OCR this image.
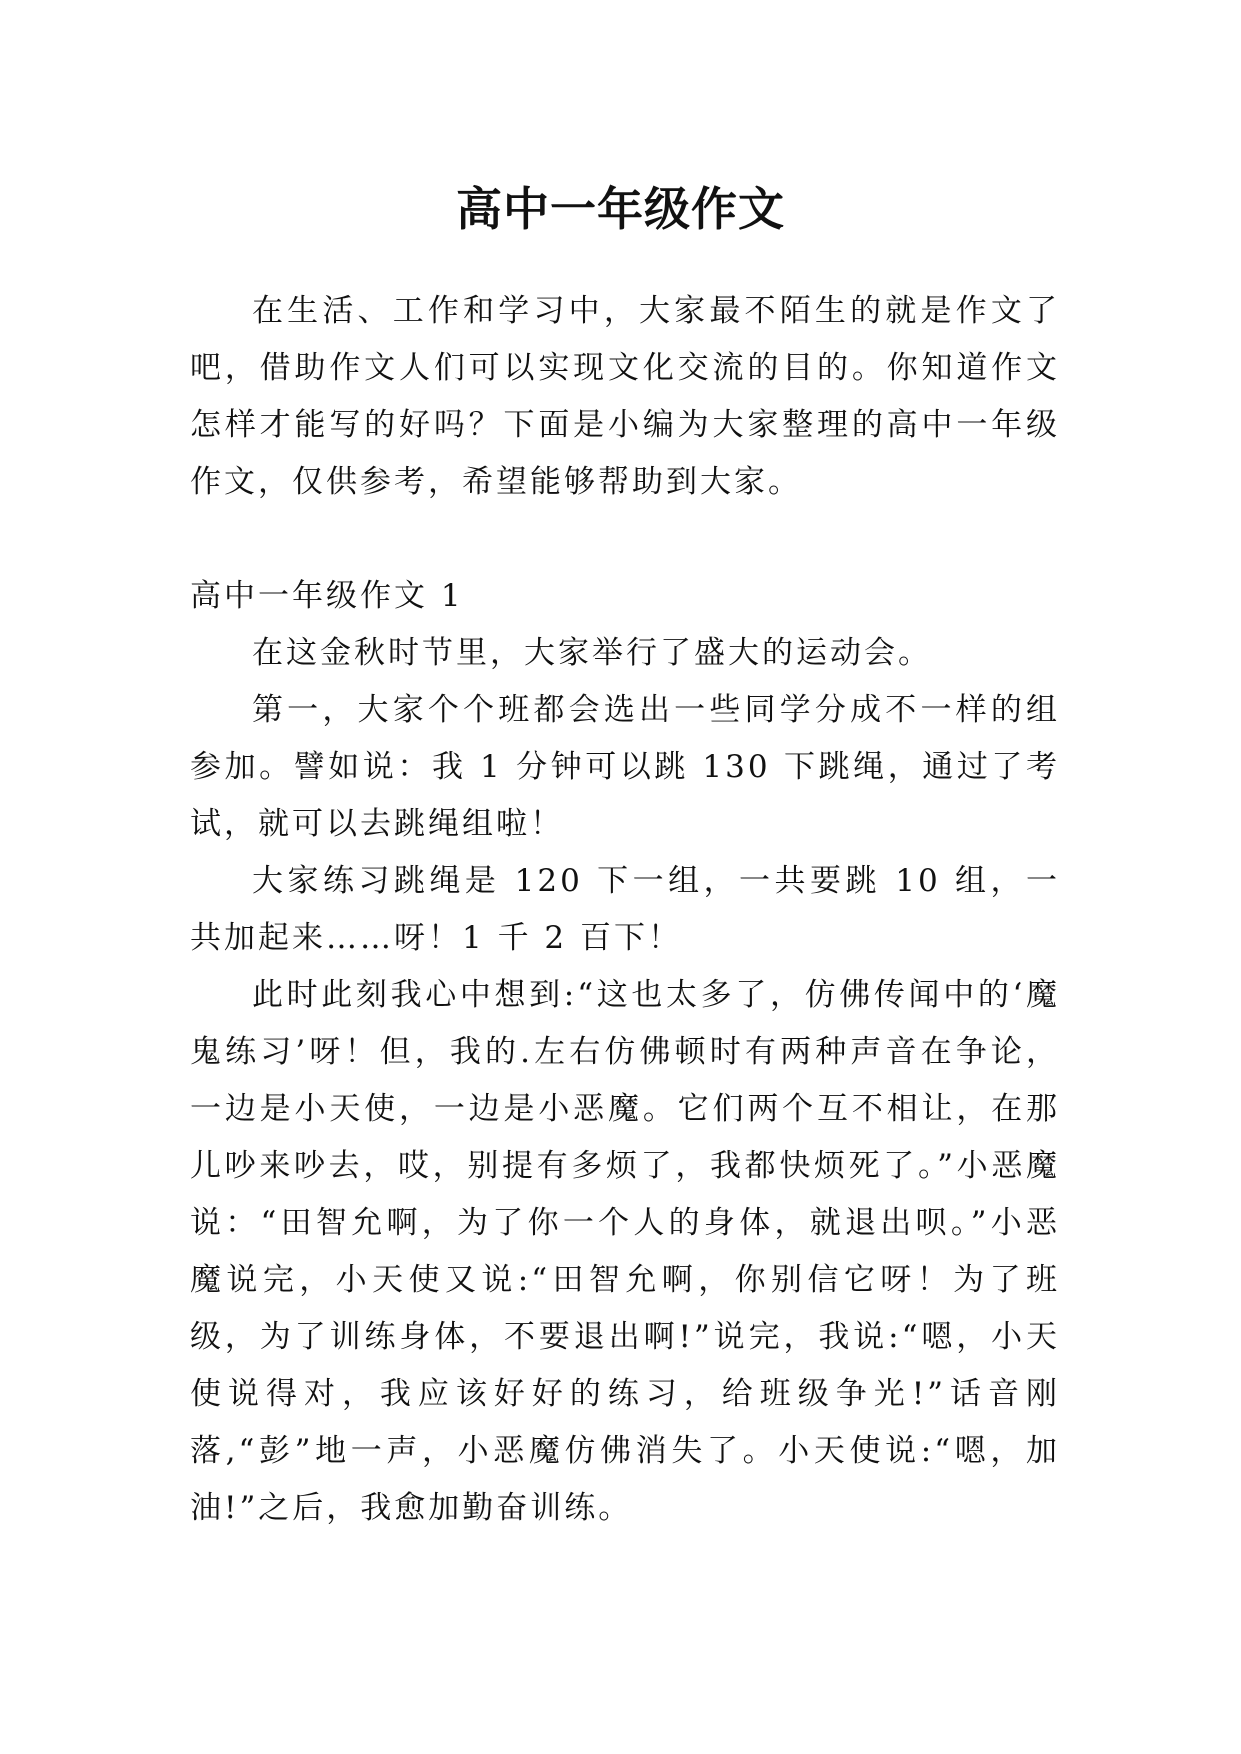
高中一年级作文

在生活、工作和学习中，大家最不陌生的就是作文了吧，借助作文人们可以实现文化交流的目的。你知道作文怎样才能写的好吗？下面是小编为大家整理的高中一年级作文，仅供参考，希望能够帮助到大家。

高中一年级作文 1

在这金秋时节里，大家举行了盛大的运动会。

第一，大家个个班都会选出一些同学分成不一样的组参加。譬如说：我 1 分钟可以跳 130 下跳绳，通过了考试，就可以去跳绳组啦！

大家练习跳绳是 120 下一组，一共要跳 10 组，一共加起来……呀！1 千 2 百下！

此时此刻我心中想到:“这也太多了，仿佛传闻中的‘魔鬼练习’呀！但，我的.左右仿佛顿时有两种声音在争论，一边是小天使，一边是小恶魔。它们两个互不相让，在那儿吵来吵去，哎，别提有多烦了，我都快烦死了。”小恶魔说：“田智允啊，为了你一个人的身体，就退出呗。”小恶魔说完，小天使又说:“田智允啊，你别信它呀！为了班级，为了训练身体，不要退出啊!”说完，我说:“嗯，小天使说得对，我应该好好的练习，给班级争光!”话音刚落,“彭”地一声，小恶魔仿佛消失了。小天使说:“嗯，加油!”之后，我愈加勤奋训练。
